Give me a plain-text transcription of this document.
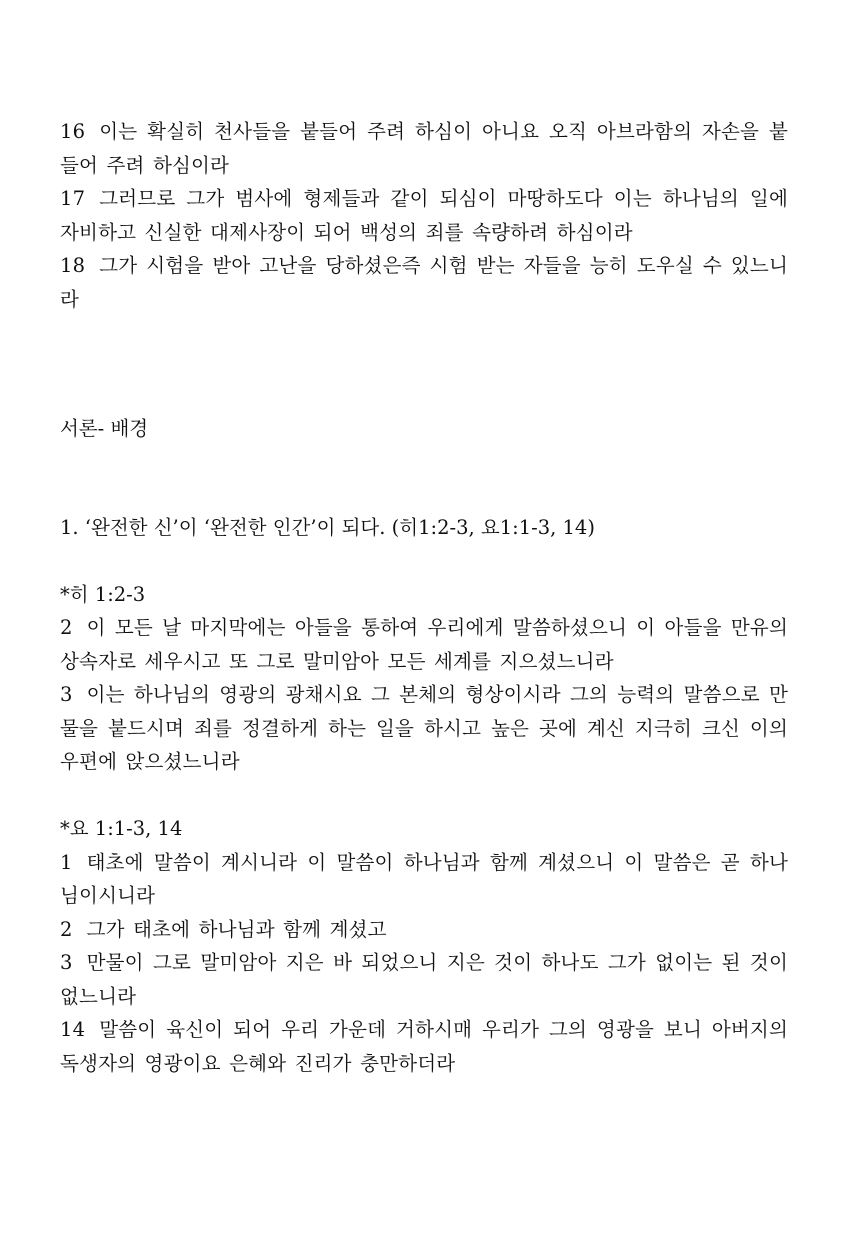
16 이는 확실히 천사들을 붙들어 주려 하심이 아니요 오직 아브라함의 자손을 붙들어 주려 하심이라

17 그러므로 그가 범사에 형제들과 같이 되심이 마땅하도다 이는 하나님의 일에 자비하고 신실한 대제사장이 되어 백성의 죄를 속량하려 하심이라

18 그가 시험을 받아 고난을 당하셨은즉 시험 받는 자들을 능히 도우실 수 있느니라

서론- 배경

1. ‘완전한 신’이 ‘완전한 인간’이 되다. (히1:2-3, 요1:1-3, 14)

*히 1:2-3

2 이 모든 날 마지막에는 아들을 통하여 우리에게 말씀하셨으니 이 아들을 만유의 상속자로 세우시고 또 그로 말미암아 모든 세계를 지으셨느니라

3 이는 하나님의 영광의 광채시요 그 본체의 형상이시라 그의 능력의 말씀으로 만물을 붙드시며 죄를 정결하게 하는 일을 하시고 높은 곳에 계신 지극히 크신 이의 우편에 앉으셨느니라

*요 1:1-3, 14

1 태초에 말씀이 계시니라 이 말씀이 하나님과 함께 계셨으니 이 말씀은 곧 하나님이시니라

2 그가 태초에 하나님과 함께 계셨고

3 만물이 그로 말미암아 지은 바 되었으니 지은 것이 하나도 그가 없이는 된 것이 없느니라

14 말씀이 육신이 되어 우리 가운데 거하시매 우리가 그의 영광을 보니 아버지의 독생자의 영광이요 은혜와 진리가 충만하더라
